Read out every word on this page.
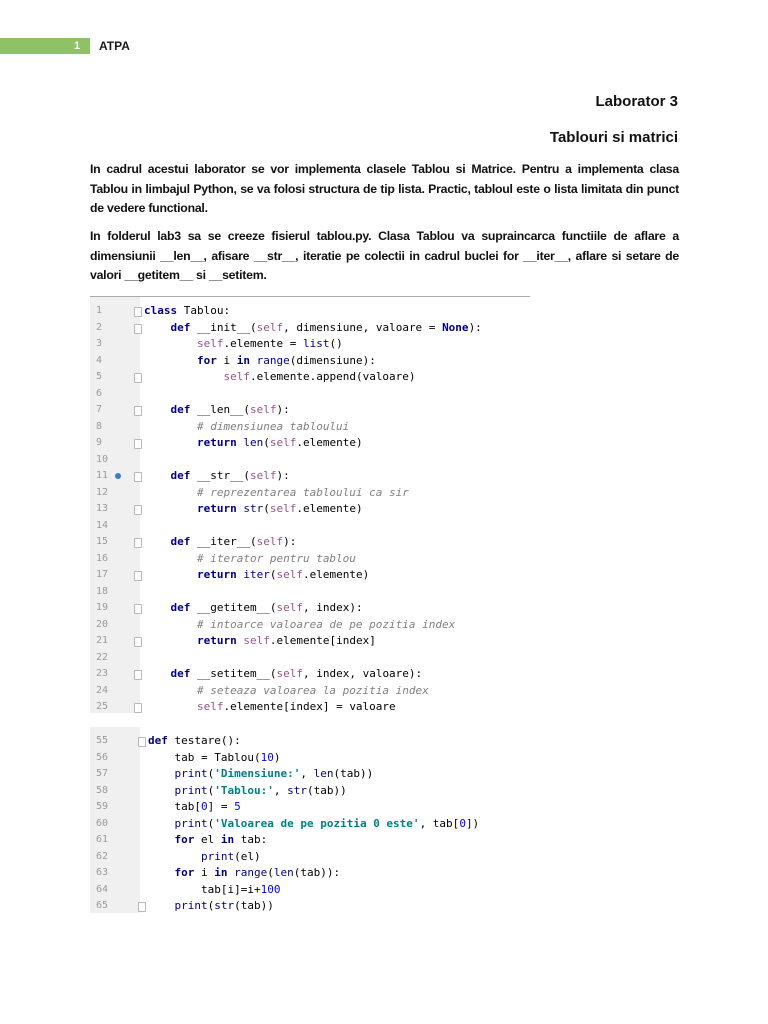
1 ATPA
Laborator 3
Tablouri si matrici
In cadrul acestui laborator se vor implementa clasele Tablou si Matrice. Pentru a implementa clasa Tablou in limbajul Python, se va folosi structura de tip lista. Practic, tabloul este o lista limitata din punct de vedere functional.
In folderul lab3 sa se creeze fisierul tablou.py. Clasa Tablou va supraincarca functiile de aflare a dimensiunii __len__, afisare __str__, iteratie pe colectii in cadrul buclei for __iter__, aflare si setare de valori __getitem__ si __setitem.
1	class Tablou:
2	def __init__(self, dimensiune, valoare = None):
3	self.elemente = list()
4	for i in range(dimensiune):
5	self.elemente.append(valoare)
6
7	def __len__(self):
8	# dimensiunea tabloului
9	return len(self.elemente)
10
11	def __str__(self):
12	# reprezentarea tabloului ca sir
13	return str(self.elemente)
14
15	def __iter__(self):
16	# iterator pentru tablou
17	return iter(self.elemente)
18
19	def __getitem__(self, index):
20	# intoarce valoarea de pe pozitia index
21	return self.elemente[index]
22
23	def __setitem__(self, index, valoare):
24	# seteaza valoarea la pozitia index
25	self.elemente[index] = valoare
55	def testare():
56	tab = Tablou(10)
57	print('Dimensiune:', len(tab))
58	print('Tablou:', str(tab))
59	tab[0] = 5
60	print('Valoarea de pe pozitia 0 este', tab[0])
61	for el in tab:
62	print(el)
63	for i in range(len(tab)):
64	tab[i]=i+100
65	print(str(tab))
